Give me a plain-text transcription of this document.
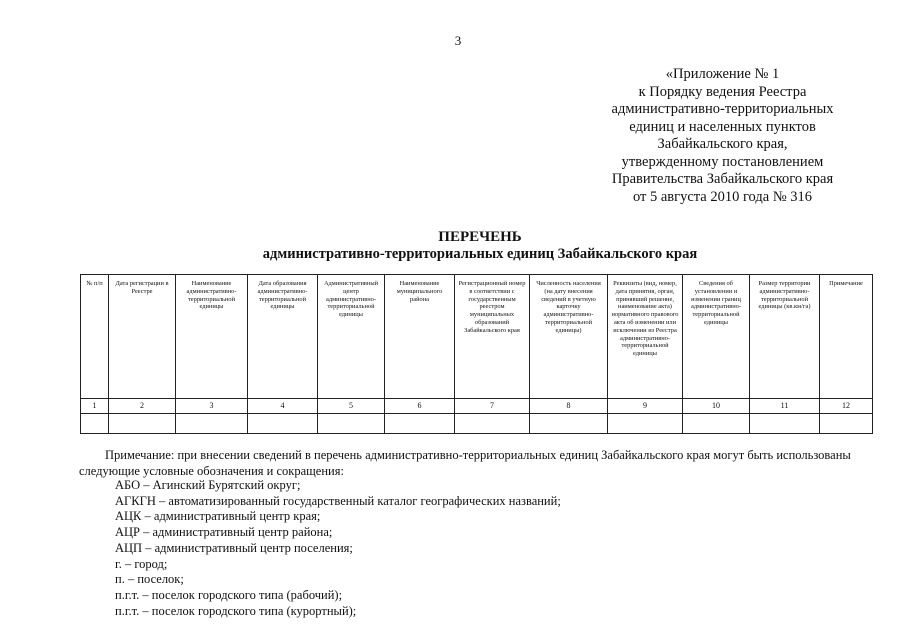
3
«Приложение № 1
к Порядку ведения Реестра
административно-территориальных
единиц и населенных пунктов
Забайкальского края,
утвержденному постановлением
Правительства Забайкальского края
от 5 августа 2010 года № 316
ПЕРЕЧЕНЬ
административно-территориальных единиц Забайкальского края
№ п/п	Дата регистрации в Реестре	Наименование административно-территориальной единицы	Дата образования административно-территориальной единицы	Административный центр административно-территориальной единицы	Наименование муниципального района	Регистрационный номер в соответствии с государственным реестром муниципальных образований Забайкальского края	Численность населения (на дату внесения сведений в учетную карточку административно-территориальной единицы)	Реквизиты (вид, номер, дата принятия, орган, принявший решение, наименование акта) нормативного правового акта об изменении или исключении из Реестра административно-территориальной единицы	Сведения об установлении и изменении границ административно-территориальной единицы	Размер территории административно-территориальной единицы (кв.км/га)	Примечание

1	2	3	4	5	6	7	8	9	10	11	12

Примечание: при внесении сведений в перечень административно-территориальных единиц Забайкальского края могут быть использованы следующие условные обозначения и сокращения:
АБО – Агинский Бурятский округ;
АГКГН – автоматизированный государственный каталог географических названий;
АЦК – административный центр края;
АЦР – административный центр района;
АЦП – административный центр поселения;
г. – город;
п. – поселок;
п.г.т. – поселок городского типа (рабочий);
п.г.т. – поселок городского типа (курортный);
